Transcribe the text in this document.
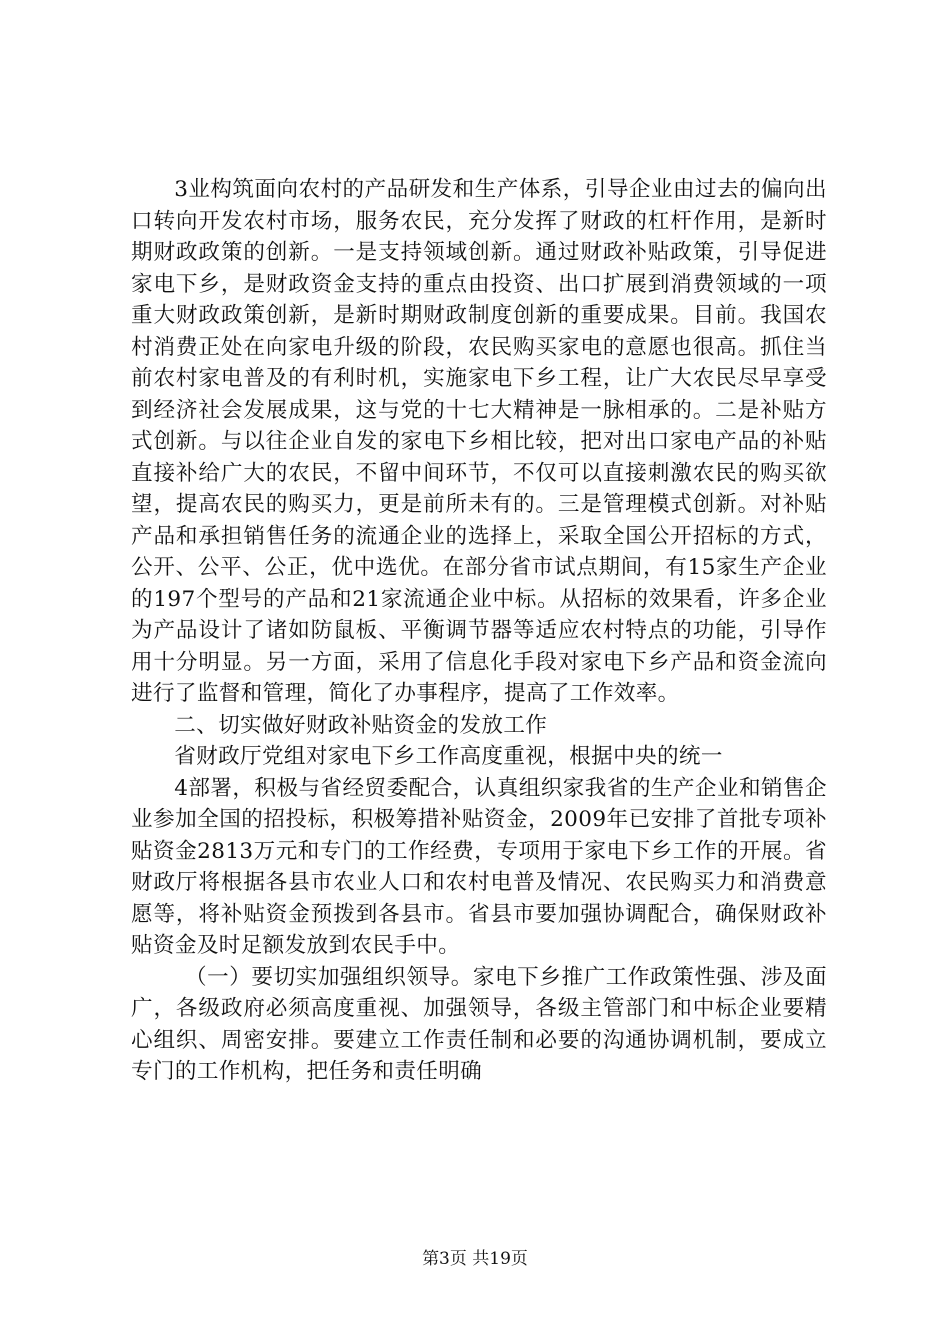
3业构筑面向农村的产品研发和生产体系，引导企业由过去的偏向出口转向开发农村市场，服务农民，充分发挥了财政的杠杆作用，是新时期财政政策的创新。一是支持领域创新。通过财政补贴政策，引导促进家电下乡，是财政资金支持的重点由投资、出口扩展到消费领域的一项重大财政政策创新，是新时期财政制度创新的重要成果。目前。我国农村消费正处在向家电升级的阶段，农民购买家电的意愿也很高。抓住当前农村家电普及的有利时机，实施家电下乡工程，让广大农民尽早享受到经济社会发展成果，这与党的十七大精神是一脉相承的。二是补贴方式创新。与以往企业自发的家电下乡相比较，把对出口家电产品的补贴直接补给广大的农民，不留中间环节，不仅可以直接刺激农民的购买欲望，提高农民的购买力，更是前所未有的。三是管理模式创新。对补贴产品和承担销售任务的流通企业的选择上，采取全国公开招标的方式，公开、公平、公正，优中选优。在部分省市试点期间，有15家生产企业的197个型号的产品和21家流通企业中标。从招标的效果看，许多企业为产品设计了诸如防鼠板、平衡调节器等适应农村特点的功能，引导作用十分明显。另一方面，采用了信息化手段对家电下乡产品和资金流向进行了监督和管理，简化了办事程序，提高了工作效率。

二、切实做好财政补贴资金的发放工作

省财政厅党组对家电下乡工作高度重视，根据中央的统一

4部署，积极与省经贸委配合，认真组织家我省的生产企业和销售企业参加全国的招投标，积极筹措补贴资金，2009年已安排了首批专项补贴资金2813万元和专门的工作经费，专项用于家电下乡工作的开展。省财政厅将根据各县市农业人口和农村电普及情况、农民购买力和消费意愿等，将补贴资金预拨到各县市。省县市要加强协调配合，确保财政补贴资金及时足额发放到农民手中。

（一）要切实加强组织领导。家电下乡推广工作政策性强、涉及面广，各级政府必须高度重视、加强领导，各级主管部门和中标企业要精心组织、周密安排。要建立工作责任制和必要的沟通协调机制，要成立专门的工作机构，把任务和责任明确

第3页 共19页
